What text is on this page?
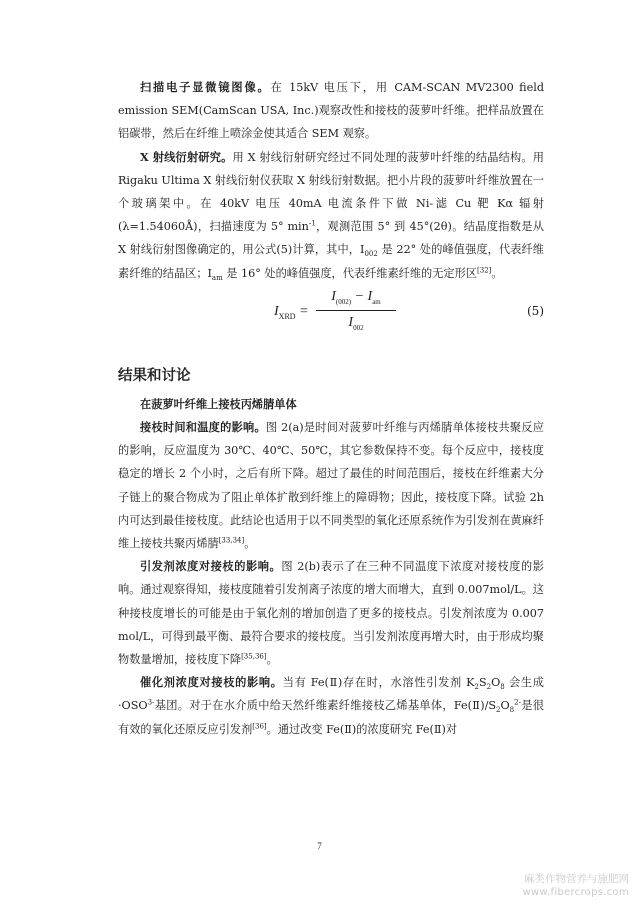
扫描电子显微镜图像。在 15kV 电压下，用 CAM-SCAN MV2300 field emission SEM(CamScan USA, Inc.)观察改性和接枝的菠萝叶纤维。把样品放置在铝碳带，然后在纤维上喷涂金使其适合 SEM 观察。

X 射线衍射研究。用 X 射线衍射研究经过不同处理的菠萝叶纤维的结晶结构。用 Rigaku Ultima X 射线衍射仪获取 X 射线衍射数据。把小片段的菠萝叶纤维放置在一个玻璃架中。在 40kV 电压 40mA 电流条件下做 Ni-滤 Cu 靶 Kα 辐射(λ=1.54060Å)，扫描速度为 5° $\min^{-1}$，观测范围 5° 到 45°(2θ)。结晶度指数是从 X 射线衍射图像确定的，用公式(5)计算，其中，$I_{002}$ 是 22° 处的峰值强度，代表纤维素纤维的结晶区；$I_{am}$ 是 16° 处的峰值强度，代表纤维素纤维的无定形区[32]。

$I_{XRD}$ =
$I_{(002)} - I_{am}$
$I_{002}$
(5)
结果和讨论
在菠萝叶纤维上接枝丙烯腈单体

接枝时间和温度的影响。图 2(a)是时间对菠萝叶纤维与丙烯腈单体接枝共聚反应的影响，反应温度为 30℃、40℃、50℃，其它参数保持不变。每个反应中，接枝度稳定的增长 2 个小时，之后有所下降。超过了最佳的时间范围后，接枝在纤维素大分子链上的聚合物成为了阻止单体扩散到纤维上的障碍物；因此，接枝度下降。试验 2h 内可达到最佳接枝度。此结论也适用于以不同类型的氧化还原系统作为引发剂在黄麻纤维上接枝共聚丙烯腈[33,34]。

引发剂浓度对接枝的影响。图 2(b)表示了在三种不同温度下浓度对接枝度的影响。通过观察得知，接枝度随着引发剂离子浓度的增大而增大，直到 0.007mol/L。这种接枝度增长的可能是由于氧化剂的增加创造了更多的接枝点。引发剂浓度为 0.007 mol/L，可得到最平衡、最符合要求的接枝度。当引发剂浓度再增大时，由于形成均聚物数量增加，接枝度下降[35,36]。

催化剂浓度对接枝的影响。当有 Fe(Ⅱ)存在时，水溶性引发剂 $K_2S_2O_8$ 会生成 $\cdot OSO^{3-}$基团。对于在水介质中给天然纤维素纤维接枝乙烯基单体，$Fe(Ⅱ)/S_2O_8^{2-}$是很有效的氧化还原反应引发剂[36]。通过改变 Fe(Ⅱ)的浓度研究 Fe(Ⅱ)对

7
麻类作物营养与施肥网
www.fibercrops.com
